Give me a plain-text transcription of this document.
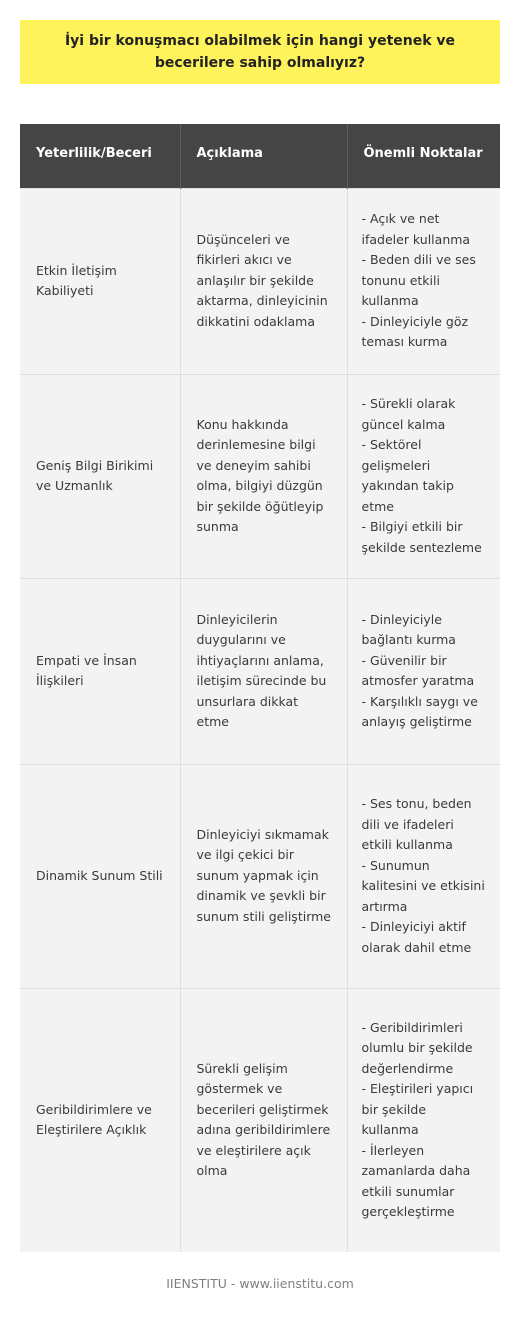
İyi bir konuşmacı olabilmek için hangi yetenek ve becerilere sahip olmalıyız?
Yeterlilik/Beceri	Açıklama	Önemli Noktalar
Etkin İletişim Kabiliyeti	Düşünceleri ve fikirleri akıcı ve anlaşılır bir şekilde aktarma, dinleyicinin dikkatini odaklama	- Açık ve net ifadeler kullanma
- Beden dili ve ses tonunu etkili kullanma
- Dinleyiciyle göz teması kurma
Geniş Bilgi Birikimi ve Uzmanlık	Konu hakkında derinlemesine bilgi ve deneyim sahibi olma, bilgiyi düzgün bir şekilde öğütleyip sunma	- Sürekli olarak güncel kalma
- Sektörel gelişmeleri yakından takip etme
- Bilgiyi etkili bir şekilde sentezleme
Empati ve İnsan İlişkileri	Dinleyicilerin duygularını ve ihtiyaçlarını anlama, iletişim sürecinde bu unsurlara dikkat etme	- Dinleyiciyle bağlantı kurma
- Güvenilir bir atmosfer yaratma
- Karşılıklı saygı ve anlayış geliştirme
Dinamik Sunum Stili	Dinleyiciyi sıkmamak ve ilgi çekici bir sunum yapmak için dinamik ve şevkli bir sunum stili geliştirme	- Ses tonu, beden dili ve ifadeleri etkili kullanma
- Sunumun kalitesini ve etkisini artırma
- Dinleyiciyi aktif olarak dahil etme
Geribildirimlere ve Eleştirilere Açıklık	Sürekli gelişim göstermek ve becerileri geliştirmek adına geribildirimlere ve eleştirilere açık olma	- Geribildirimleri olumlu bir şekilde değerlendirme
- Eleştirileri yapıcı bir şekilde kullanma
- İlerleyen zamanlarda daha etkili sunumlar gerçekleştirme
IIENSTITU - www.iienstitu.com
